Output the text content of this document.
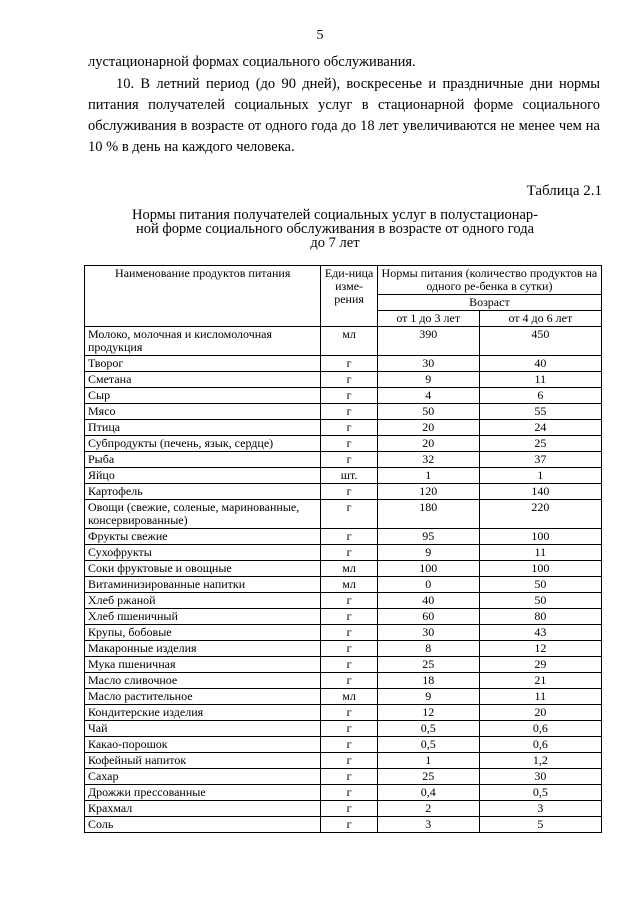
5
лустационарной формах социального обслуживания.
10. В летний период (до 90 дней), воскресенье и праздничные дни нормы питания получателей социальных услуг в стационарной форме социального обслуживания в возрасте от одного года до 18 лет увеличиваются не менее чем на 10 % в день на каждого человека.
Таблица 2.1
Нормы питания получателей социальных услуг в полустационар-
ной форме социального обслуживания в возрасте от одного года
до 7 лет
Наименование продуктов питания	Еди-ница изме-рения	Нормы питания (количество продуктов на одного ре-бенка в сутки)	
		Возраст	
		от 1 до 3 лет	от 4 до 6 лет
Молоко, молочная и кисломолочная продукция	мл	390	450
Творог	г	30	40
Сметана	г	9	11
Сыр	г	4	6
Мясо	г	50	55
Птица	г	20	24
Субпродукты (печень, язык, сердце)	г	20	25
Рыба	г	32	37
Яйцо	шт.	1	1
Картофель	г	120	140
Овощи (свежие, соленые, маринованные, консервированные)	г	180	220
Фрукты свежие	г	95	100
Сухофрукты	г	9	11
Соки фруктовые и овощные	мл	100	100
Витаминизированные напитки	мл	0	50
Хлеб ржаной	г	40	50
Хлеб пшеничный	г	60	80
Крупы, бобовые	г	30	43
Макаронные изделия	г	8	12
Мука пшеничная	г	25	29
Масло сливочное	г	18	21
Масло растительное	мл	9	11
Кондитерские изделия	г	12	20
Чай	г	0,5	0,6
Какао-порошок	г	0,5	0,6
Кофейный напиток	г	1	1,2
Сахар	г	25	30
Дрожжи прессованные	г	0,4	0,5
Крахмал	г	2	3
Соль	г	3	5
